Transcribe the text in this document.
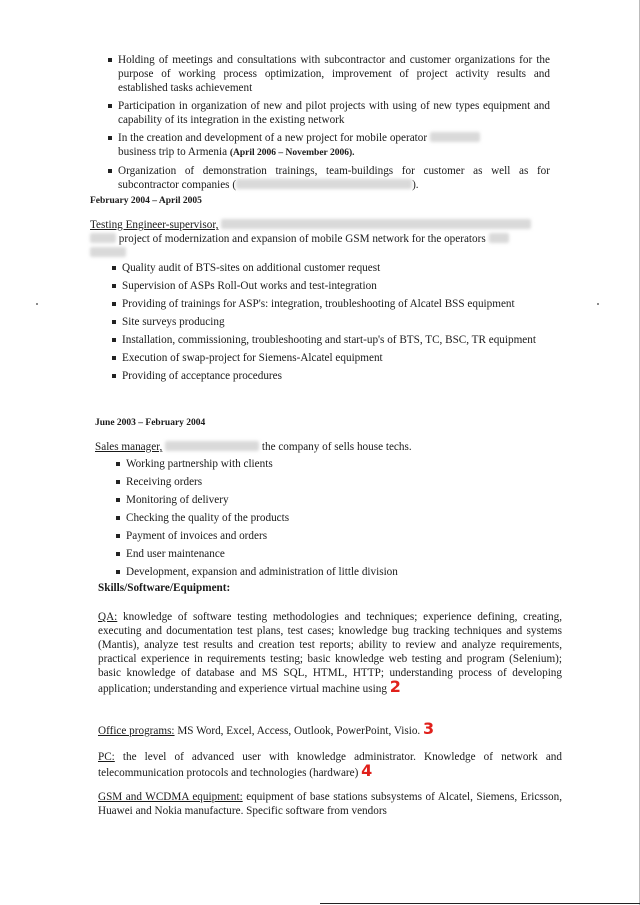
Holding of meetings and consultations with subcontractor and customer organizations for the purpose of working process optimization, improvement of project activity results and established tasks achievement
Participation in organization of new and pilot projects with using of new types equipment and capability of its integration in the existing network
In the creation and development of a new project for mobile operator
business trip to Armenia (April 2006 – November 2006).
Organization of demonstration trainings, team-buildings for customer as well as for subcontractor companies (	).
February 2004 – April 2005
Testing Engineer-supervisor,
project of modernization and expansion of mobile GSM network for the operators

Quality audit of BTS-sites on additional customer request
Supervision of ASPs Roll-Out works and test-integration
Providing of trainings for ASP's: integration, troubleshooting of Alcatel BSS equipment
Site surveys producing
Installation, commissioning, troubleshooting and start-up's of BTS, TC, BSC, TR equipment
Execution of swap-project for Siemens-Alcatel equipment
Providing of acceptance procedures
June 2003 – February 2004
Sales manager,	the company of sells house techs.
Working partnership with clients
Receiving orders
Monitoring of delivery
Checking the quality of the products
Payment of invoices and orders
End user maintenance
Development, expansion and administration of little division
Skills/Software/Equipment:
QA: knowledge of software testing methodologies and techniques; experience defining, creating, executing and documentation test plans, test cases; knowledge bug tracking techniques and systems (Mantis), analyze test results and creation test reports; ability to review and analyze requirements, practical experience in requirements testing; basic knowledge web testing and program (Selenium); basic knowledge of database and MS SQL, HTML, HTTP; understanding process of developing application; understanding and experience virtual machine using 2
Office programs: MS Word, Excel, Access, Outlook, PowerPoint, Visio. 3
PC: the level of advanced user with knowledge administrator. Knowledge of network and telecommunication protocols and technologies (hardware) 4
GSM and WCDMA equipment: equipment of base stations subsystems of Alcatel, Siemens, Ericsson, Huawei and Nokia manufacture. Specific software from vendors
